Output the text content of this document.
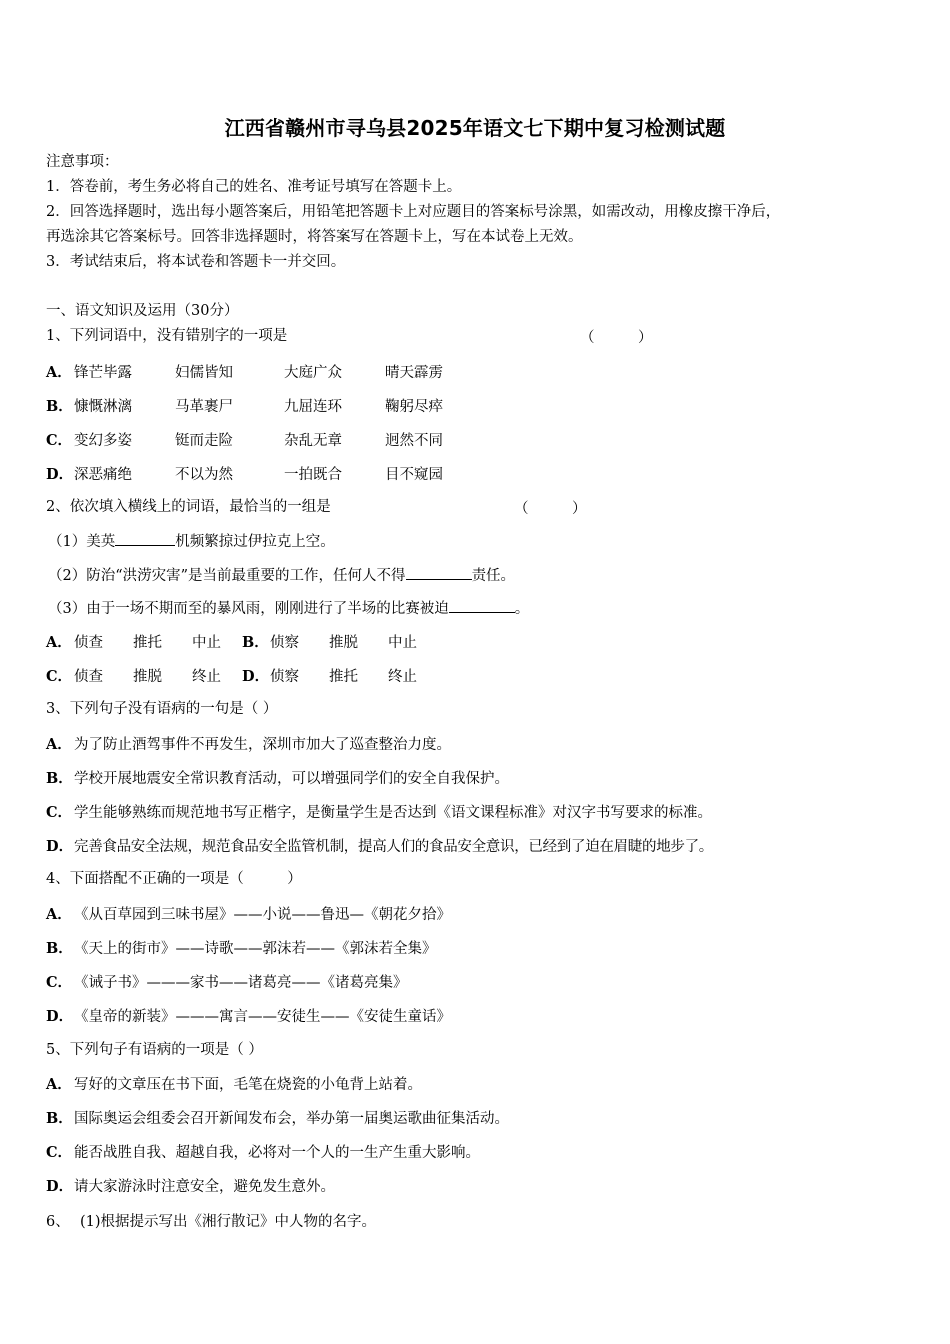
江西省赣州市寻乌县2025年语文七下期中复习检测试题
注意事项：
1．答卷前，考生务必将自己的姓名、准考证号填写在答题卡上。
2．回答选择题时，选出每小题答案后，用铅笔把答题卡上对应题目的答案标号涂黑，如需改动，用橡皮擦干净后，
再选涂其它答案标号。回答非选择题时，将答案写在答题卡上，写在本试卷上无效。
3．考试结束后，将本试卷和答题卡一并交回。
一、语文知识及运用（30分）
1、下列词语中，没有错别字的一项是	（　　　）
A． 锋芒毕露	妇儒皆知	大庭广众	晴天霹雳
B． 慷慨淋漓	马革裹尸	九屈连环	鞠躬尽瘁
C． 变幻多姿	铤而走险	杂乱无章	迥然不同
D． 深恶痛绝	不以为然	一拍既合	目不窥园
2、依次填入横线上的词语，最恰当的一组是	（　　　）
（1）美英	机频繁掠过伊拉克上空。
（2）防治“洪涝灾害”是当前最重要的工作，任何人不得	责任。
（3）由于一场不期而至的暴风雨，刚刚进行了半场的比赛被迫	。
A． 侦查 推托 中止 B． 侦察 推脱 中止
C． 侦查 推脱 终止 D． 侦察 推托 终止
3、下列句子没有语病的一句是（ ）
A． 为了防止酒驾事件不再发生，深圳市加大了巡查整治力度。
B． 学校开展地震安全常识教育活动，可以增强同学们的安全自我保护。
C． 学生能够熟练而规范地书写正楷字，是衡量学生是否达到《语文课程标准》对汉字书写要求的标准。
D． 完善食品安全法规，规范食品安全监管机制，提高人们的食品安全意识，已经到了迫在眉睫的地步了。
4、下面搭配不正确的一项是（　　　）
A． 《从百草园到三味书屋》——小说——鲁迅—《朝花夕拾》
B． 《天上的街市》——诗歌——郭沫若——《郭沫若全集》
C． 《诫子书》———家书——诸葛亮——《诸葛亮集》
D． 《皇帝的新装》———寓言——安徒生——《安徒生童话》
5、下列句子有语病的一项是（ ）
A． 写好的文章压在书下面，毛笔在烧瓷的小龟背上站着。
B． 国际奥运会组委会召开新闻发布会，举办第一届奥运歌曲征集活动。
C． 能否战胜自我、超越自我，必将对一个人的一生产生重大影响。
D． 请大家游泳时注意安全，避免发生意外。
6、 (1)根据提示写出《湘行散记》中人物的名字。
